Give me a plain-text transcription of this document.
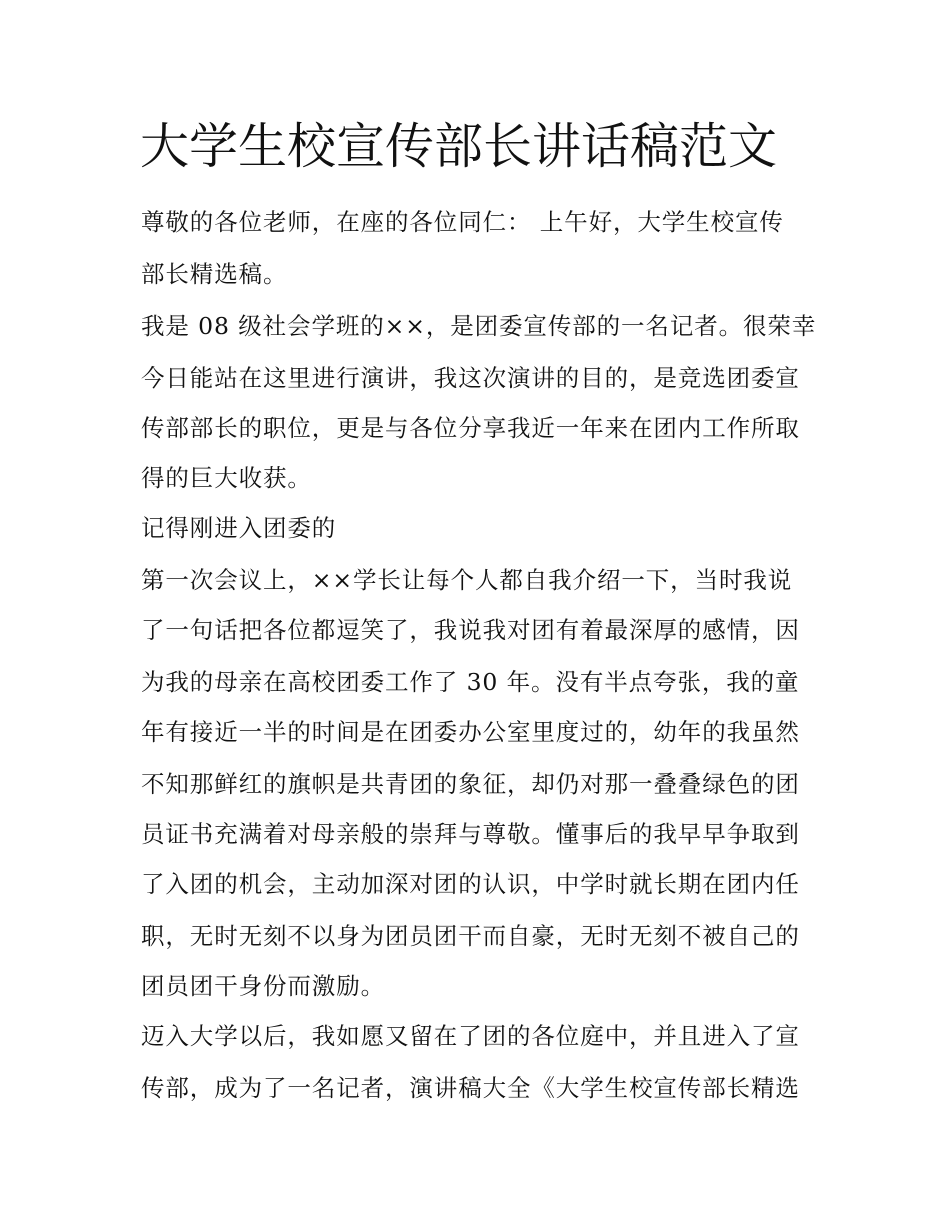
大学生校宣传部长讲话稿范文
尊敬的各位老师，在座的各位同仁： 上午好，大学生校宣传
部长精选稿。
我是 08 级社会学班的××，是团委宣传部的一名记者。很荣幸
今日能站在这里进行演讲，我这次演讲的目的，是竞选团委宣
传部部长的职位，更是与各位分享我近一年来在团内工作所取
得的巨大收获。
记得刚进入团委的
第一次会议上，××学长让每个人都自我介绍一下，当时我说
了一句话把各位都逗笑了，我说我对团有着最深厚的感情，因
为我的母亲在高校团委工作了 30 年。没有半点夸张，我的童
年有接近一半的时间是在团委办公室里度过的，幼年的我虽然
不知那鲜红的旗帜是共青团的象征，却仍对那一叠叠绿色的团
员证书充满着对母亲般的崇拜与尊敬。懂事后的我早早争取到
了入团的机会，主动加深对团的认识，中学时就长期在团内任
职，无时无刻不以身为团员团干而自豪，无时无刻不被自己的
团员团干身份而激励。
迈入大学以后，我如愿又留在了团的各位庭中，并且进入了宣
传部，成为了一名记者，演讲稿大全《大学生校宣传部长精选
